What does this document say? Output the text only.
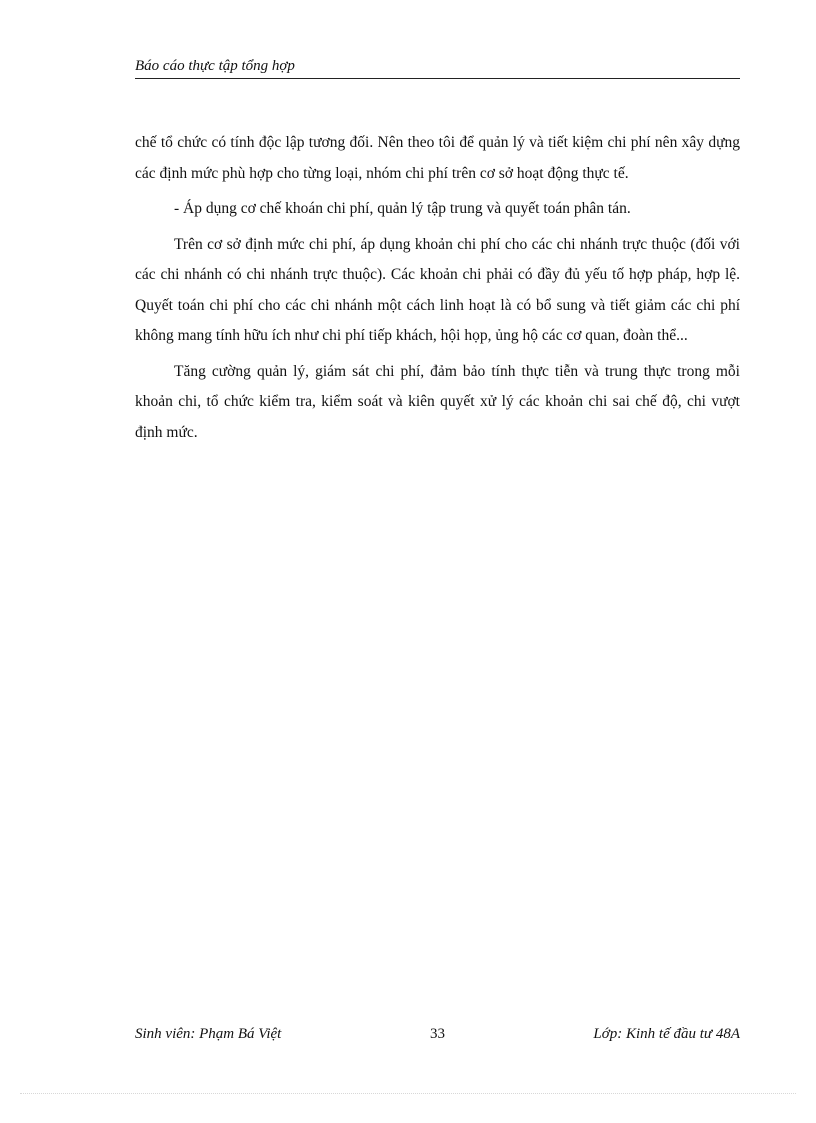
Báo cáo thực tập tổng hợp

chế tổ chức có tính độc lập tương đối. Nên theo tôi để quản lý và tiết kiệm chi phí nên xây dựng các định mức phù hợp cho từng loại, nhóm chi phí trên cơ sở hoạt động thực tế.

- Áp dụng cơ chế khoán chi phí, quản lý tập trung và quyết toán phân tán.

Trên cơ sở định mức chi phí, áp dụng khoản chi phí cho các chi nhánh trực thuộc (đối với các chi nhánh có chi nhánh trực thuộc). Các khoản chi phải có đầy đủ yếu tố hợp pháp, hợp lệ. Quyết toán chi phí cho các chi nhánh một cách linh hoạt là có bổ sung và tiết giảm các chi phí không mang tính hữu ích như chi phí tiếp khách, hội họp, ủng hộ các cơ quan, đoàn thể...

Tăng cường quản lý, giám sát chi phí, đảm bảo tính thực tiễn và trung thực trong mỗi khoản chi, tổ chức kiểm tra, kiểm soát và kiên quyết xử lý các khoản chi sai chế độ, chi vượt định mức.

Sinh viên: Phạm Bá Việt	33	Lớp: Kinh tế đầu tư 48A
